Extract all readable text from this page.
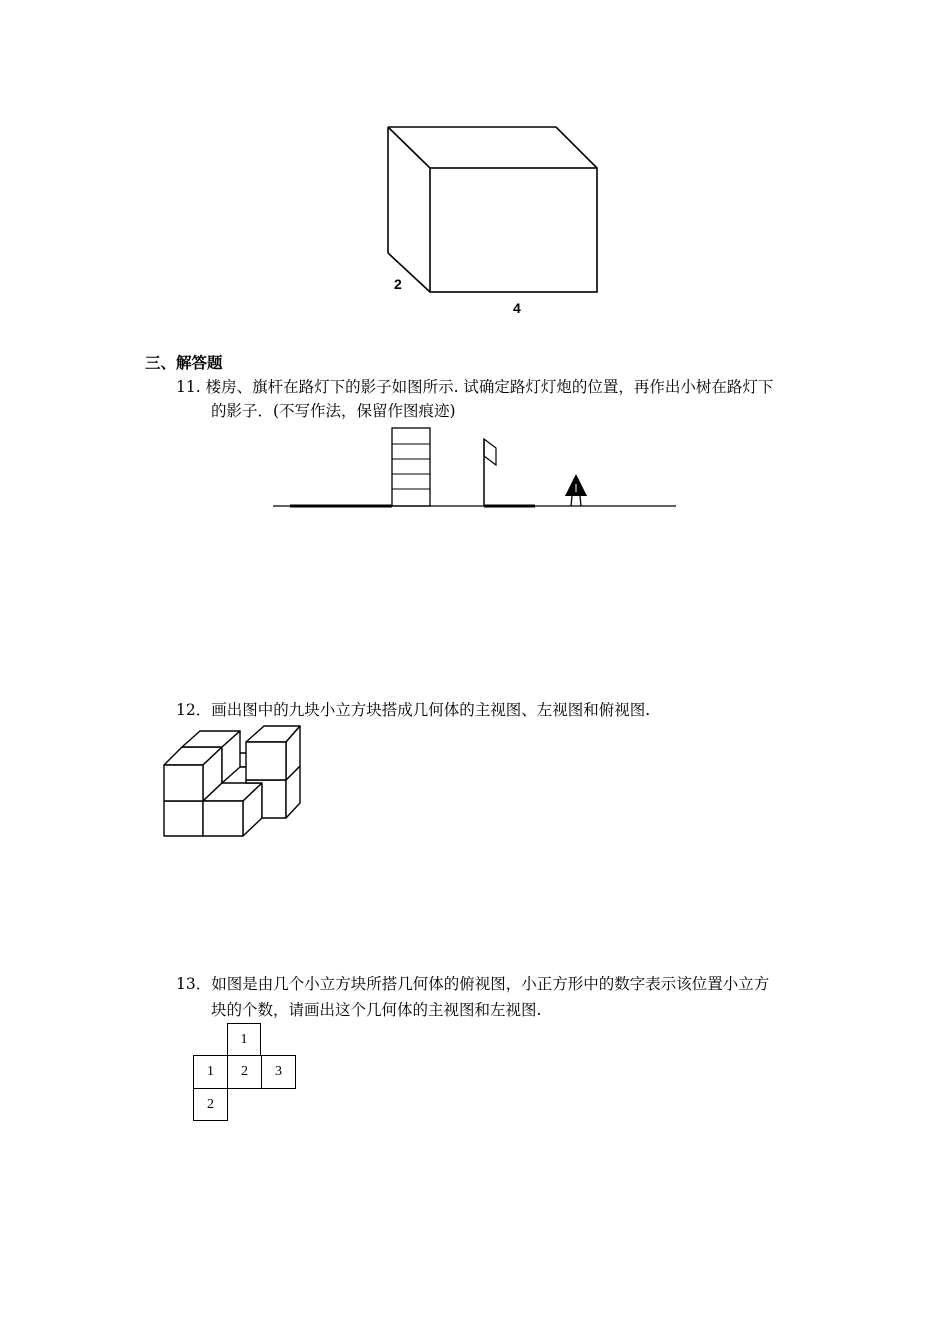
2
4
三、解答题
11. 楼房、旗杆在路灯下的影子如图所示. 试确定路灯灯炮的位置，再作出小树在路灯下
的影子．(不写作法，保留作图痕迹)
12．画出图中的九块小立方块搭成几何体的主视图、左视图和俯视图.
13．如图是由几个小立方块所搭几何体的俯视图，小正方形中的数字表示该位置小立方
块的个数，请画出这个几何体的主视图和左视图.
1
1 2 3
2
